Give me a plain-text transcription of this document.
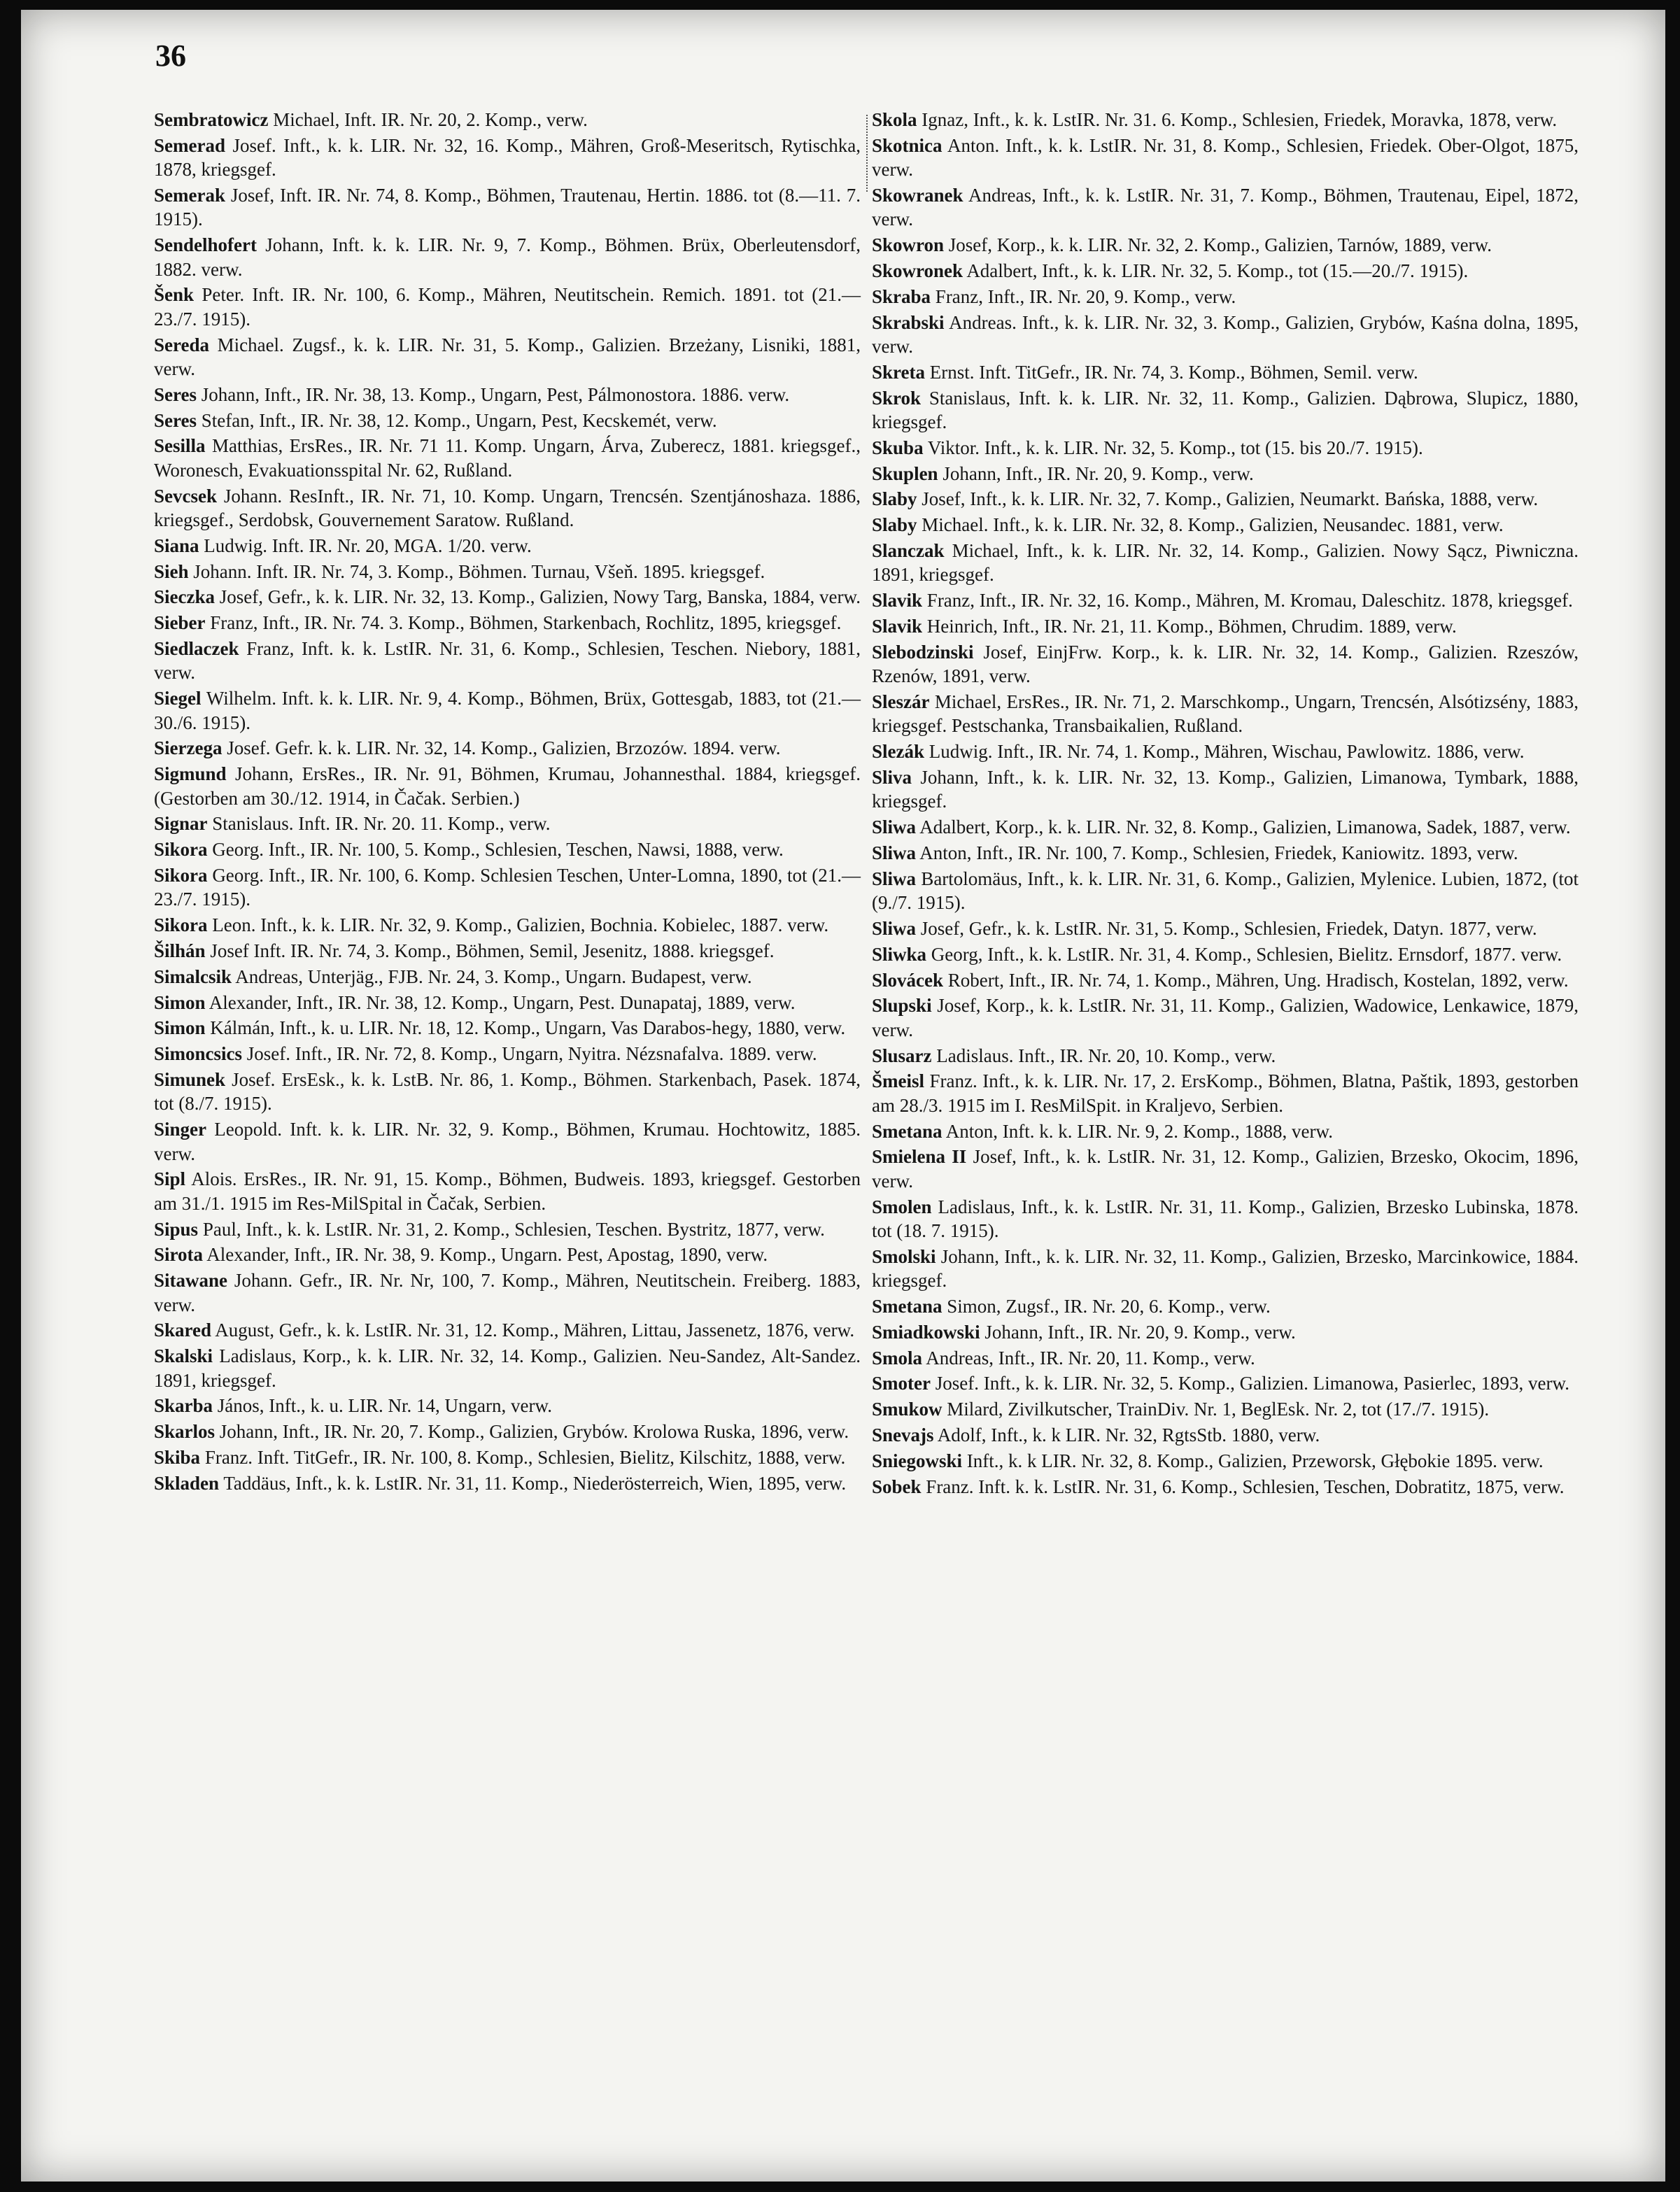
36
Sembratowicz Michael, Inft. IR. Nr. 20, 2. Komp., verw.
Semerad Josef. Inft., k. k. LIR. Nr. 32, 16. Komp., Mähren, Groß-Meseritsch, Rytischka, 1878, kriegsgef.
Semerak Josef, Inft. IR. Nr. 74, 8. Komp., Böhmen, Trautenau, Hertin. 1886. tot (8.—11. 7. 1915).
Sendelhofert Johann, Inft. k. k. LIR. Nr. 9, 7. Komp., Böhmen. Brüx, Oberleutensdorf, 1882. verw.
Šenk Peter. Inft. IR. Nr. 100, 6. Komp., Mähren, Neutitschein. Remich. 1891. tot (21.—23./7. 1915).
Sereda Michael. Zugsf., k. k. LIR. Nr. 31, 5. Komp., Galizien. Brzeżany, Lisniki, 1881, verw.
Seres Johann, Inft., IR. Nr. 38, 13. Komp., Ungarn, Pest, Pálmonostora. 1886. verw.
Seres Stefan, Inft., IR. Nr. 38, 12. Komp., Ungarn, Pest, Kecskemét, verw.
Sesilla Matthias, ErsRes., IR. Nr. 71 11. Komp. Ungarn, Árva, Zuberecz, 1881. kriegsgef., Woronesch, Evakuationsspital Nr. 62, Rußland.
Sevcsek Johann. ResInft., IR. Nr. 71, 10. Komp. Ungarn, Trencsén. Szentjánoshaza. 1886, kriegsgef., Serdobsk, Gouvernement Saratow. Rußland.
Siana Ludwig. Inft. IR. Nr. 20, MGA. 1/20. verw.
Sieh Johann. Inft. IR. Nr. 74, 3. Komp., Böhmen. Turnau, Všeň. 1895. kriegsgef.
Sieczka Josef, Gefr., k. k. LIR. Nr. 32, 13. Komp., Galizien, Nowy Targ, Banska, 1884, verw.
Sieber Franz, Inft., IR. Nr. 74. 3. Komp., Böhmen, Starkenbach, Rochlitz, 1895, kriegsgef.
Siedlaczek Franz, Inft. k. k. LstIR. Nr. 31, 6. Komp., Schlesien, Teschen. Niebory, 1881, verw.
Siegel Wilhelm. Inft. k. k. LIR. Nr. 9, 4. Komp., Böhmen, Brüx, Gottesgab, 1883, tot (21.—30./6. 1915).
Sierzega Josef. Gefr. k. k. LIR. Nr. 32, 14. Komp., Galizien, Brzozów. 1894. verw.
Sigmund Johann, ErsRes., IR. Nr. 91, Böhmen, Krumau, Johannesthal. 1884, kriegsgef. (Gestorben am 30./12. 1914, in Čačak. Serbien.)
Signar Stanislaus. Inft. IR. Nr. 20. 11. Komp., verw.
Sikora Georg. Inft., IR. Nr. 100, 5. Komp., Schlesien, Teschen, Nawsi, 1888, verw.
Sikora Georg. Inft., IR. Nr. 100, 6. Komp. Schlesien Teschen, Unter-Lomna, 1890, tot (21.—23./7. 1915).
Sikora Leon. Inft., k. k. LIR. Nr. 32, 9. Komp., Galizien, Bochnia. Kobielec, 1887. verw.
Šilhán Josef Inft. IR. Nr. 74, 3. Komp., Böhmen, Semil, Jesenitz, 1888. kriegsgef.
Simalcsik Andreas, Unterjäg., FJB. Nr. 24, 3. Komp., Ungarn. Budapest, verw.
Simon Alexander, Inft., IR. Nr. 38, 12. Komp., Ungarn, Pest. Dunapataj, 1889, verw.
Simon Kálmán, Inft., k. u. LIR. Nr. 18, 12. Komp., Ungarn, Vas Darabos-hegy, 1880, verw.
Simoncsics Josef. Inft., IR. Nr. 72, 8. Komp., Ungarn, Nyitra. Nézsnafalva. 1889. verw.
Simunek Josef. ErsEsk., k. k. LstB. Nr. 86, 1. Komp., Böhmen. Starkenbach, Pasek. 1874, tot (8./7. 1915).
Singer Leopold. Inft. k. k. LIR. Nr. 32, 9. Komp., Böhmen, Krumau. Hochtowitz, 1885. verw.
Sipl Alois. ErsRes., IR. Nr. 91, 15. Komp., Böhmen, Budweis. 1893, kriegsgef. Gestorben am 31./1. 1915 im Res-MilSpital in Čačak, Serbien.
Sipus Paul, Inft., k. k. LstIR. Nr. 31, 2. Komp., Schlesien, Teschen. Bystritz, 1877, verw.
Sirota Alexander, Inft., IR. Nr. 38, 9. Komp., Ungarn. Pest, Apostag, 1890, verw.
Sitawane Johann. Gefr., IR. Nr. Nr, 100, 7. Komp., Mähren, Neutitschein. Freiberg. 1883, verw.
Skared August, Gefr., k. k. LstIR. Nr. 31, 12. Komp., Mähren, Littau, Jassenetz, 1876, verw.
Skalski Ladislaus, Korp., k. k. LIR. Nr. 32, 14. Komp., Galizien. Neu-Sandez, Alt-Sandez. 1891, kriegsgef.
Skarba János, Inft., k. u. LIR. Nr. 14, Ungarn, verw.
Skarlos Johann, Inft., IR. Nr. 20, 7. Komp., Galizien, Grybów. Krolowa Ruska, 1896, verw.
Skiba Franz. Inft. TitGefr., IR. Nr. 100, 8. Komp., Schlesien, Bielitz, Kilschitz, 1888, verw.
Skladen Taddäus, Inft., k. k. LstIR. Nr. 31, 11. Komp., Niederösterreich, Wien, 1895, verw.
Skola Ignaz, Inft., k. k. LstIR. Nr. 31. 6. Komp., Schlesien, Friedek, Moravka, 1878, verw.
Skotnica Anton. Inft., k. k. LstIR. Nr. 31, 8. Komp., Schlesien, Friedek. Ober-Olgot, 1875, verw.
Skowranek Andreas, Inft., k. k. LstIR. Nr. 31, 7. Komp., Böhmen, Trautenau, Eipel, 1872, verw.
Skowron Josef, Korp., k. k. LIR. Nr. 32, 2. Komp., Galizien, Tarnów, 1889, verw.
Skowronek Adalbert, Inft., k. k. LIR. Nr. 32, 5. Komp., tot (15.—20./7. 1915).
Skraba Franz, Inft., IR. Nr. 20, 9. Komp., verw.
Skrabski Andreas. Inft., k. k. LIR. Nr. 32, 3. Komp., Galizien, Grybów, Kaśna dolna, 1895, verw.
Skreta Ernst. Inft. TitGefr., IR. Nr. 74, 3. Komp., Böhmen, Semil. verw.
Skrok Stanislaus, Inft. k. k. LIR. Nr. 32, 11. Komp., Galizien. Dąbrowa, Slupicz, 1880, kriegsgef.
Skuba Viktor. Inft., k. k. LIR. Nr. 32, 5. Komp., tot (15. bis 20./7. 1915).
Skuplen Johann, Inft., IR. Nr. 20, 9. Komp., verw.
Slaby Josef, Inft., k. k. LIR. Nr. 32, 7. Komp., Galizien, Neumarkt. Bańska, 1888, verw.
Slaby Michael. Inft., k. k. LIR. Nr. 32, 8. Komp., Galizien, Neusandec. 1881, verw.
Slanczak Michael, Inft., k. k. LIR. Nr. 32, 14. Komp., Galizien. Nowy Sącz, Piwniczna. 1891, kriegsgef.
Slavik Franz, Inft., IR. Nr. 32, 16. Komp., Mähren, M. Kromau, Daleschitz. 1878, kriegsgef.
Slavik Heinrich, Inft., IR. Nr. 21, 11. Komp., Böhmen, Chrudim. 1889, verw.
Slebodzinski Josef, EinjFrw. Korp., k. k. LIR. Nr. 32, 14. Komp., Galizien. Rzeszów, Rzenów, 1891, verw.
Sleszár Michael, ErsRes., IR. Nr. 71, 2. Marschkomp., Ungarn, Trencsén, Alsótizsény, 1883, kriegsgef. Pestschanka, Transbaikalien, Rußland.
Slezák Ludwig. Inft., IR. Nr. 74, 1. Komp., Mähren, Wischau, Pawlowitz. 1886, verw.
Sliva Johann, Inft., k. k. LIR. Nr. 32, 13. Komp., Galizien, Limanowa, Tymbark, 1888, kriegsgef.
Sliwa Adalbert, Korp., k. k. LIR. Nr. 32, 8. Komp., Galizien, Limanowa, Sadek, 1887, verw.
Sliwa Anton, Inft., IR. Nr. 100, 7. Komp., Schlesien, Friedek, Kaniowitz. 1893, verw.
Sliwa Bartolomäus, Inft., k. k. LIR. Nr. 31, 6. Komp., Galizien, Mylenice. Lubien, 1872, (tot (9./7. 1915).
Sliwa Josef, Gefr., k. k. LstIR. Nr. 31, 5. Komp., Schlesien, Friedek, Datyn. 1877, verw.
Sliwka Georg, Inft., k. k. LstIR. Nr. 31, 4. Komp., Schlesien, Bielitz. Ernsdorf, 1877. verw.
Slovácek Robert, Inft., IR. Nr. 74, 1. Komp., Mähren, Ung. Hradisch, Kostelan, 1892, verw.
Slupski Josef, Korp., k. k. LstIR. Nr. 31, 11. Komp., Galizien, Wadowice, Lenkawice, 1879, verw.
Slusarz Ladislaus. Inft., IR. Nr. 20, 10. Komp., verw.
Šmeisl Franz. Inft., k. k. LIR. Nr. 17, 2. ErsKomp., Böhmen, Blatna, Paštik, 1893, gestorben am 28./3. 1915 im I. ResMilSpit. in Kraljevo, Serbien.
Smetana Anton, Inft. k. k. LIR. Nr. 9, 2. Komp., 1888, verw.
Smielena II Josef, Inft., k. k. LstIR. Nr. 31, 12. Komp., Galizien, Brzesko, Okocim, 1896, verw.
Smolen Ladislaus, Inft., k. k. LstIR. Nr. 31, 11. Komp., Galizien, Brzesko Lubinska, 1878. tot (18. 7. 1915).
Smolski Johann, Inft., k. k. LIR. Nr. 32, 11. Komp., Galizien, Brzesko, Marcinkowice, 1884. kriegsgef.
Smetana Simon, Zugsf., IR. Nr. 20, 6. Komp., verw.
Smiadkowski Johann, Inft., IR. Nr. 20, 9. Komp., verw.
Smola Andreas, Inft., IR. Nr. 20, 11. Komp., verw.
Smoter Josef. Inft., k. k. LIR. Nr. 32, 5. Komp., Galizien. Limanowa, Pasierlec, 1893, verw.
Smukow Milard, Zivilkutscher, TrainDiv. Nr. 1, BeglEsk. Nr. 2, tot (17./7. 1915).
Snevajs Adolf, Inft., k. k LIR. Nr. 32, RgtsStb. 1880, verw.
Sniegowski Inft., k. k LIR. Nr. 32, 8. Komp., Galizien, Przeworsk, Głębokie 1895. verw.
Sobek Franz. Inft. k. k. LstIR. Nr. 31, 6. Komp., Schlesien, Teschen, Dobratitz, 1875, verw.
